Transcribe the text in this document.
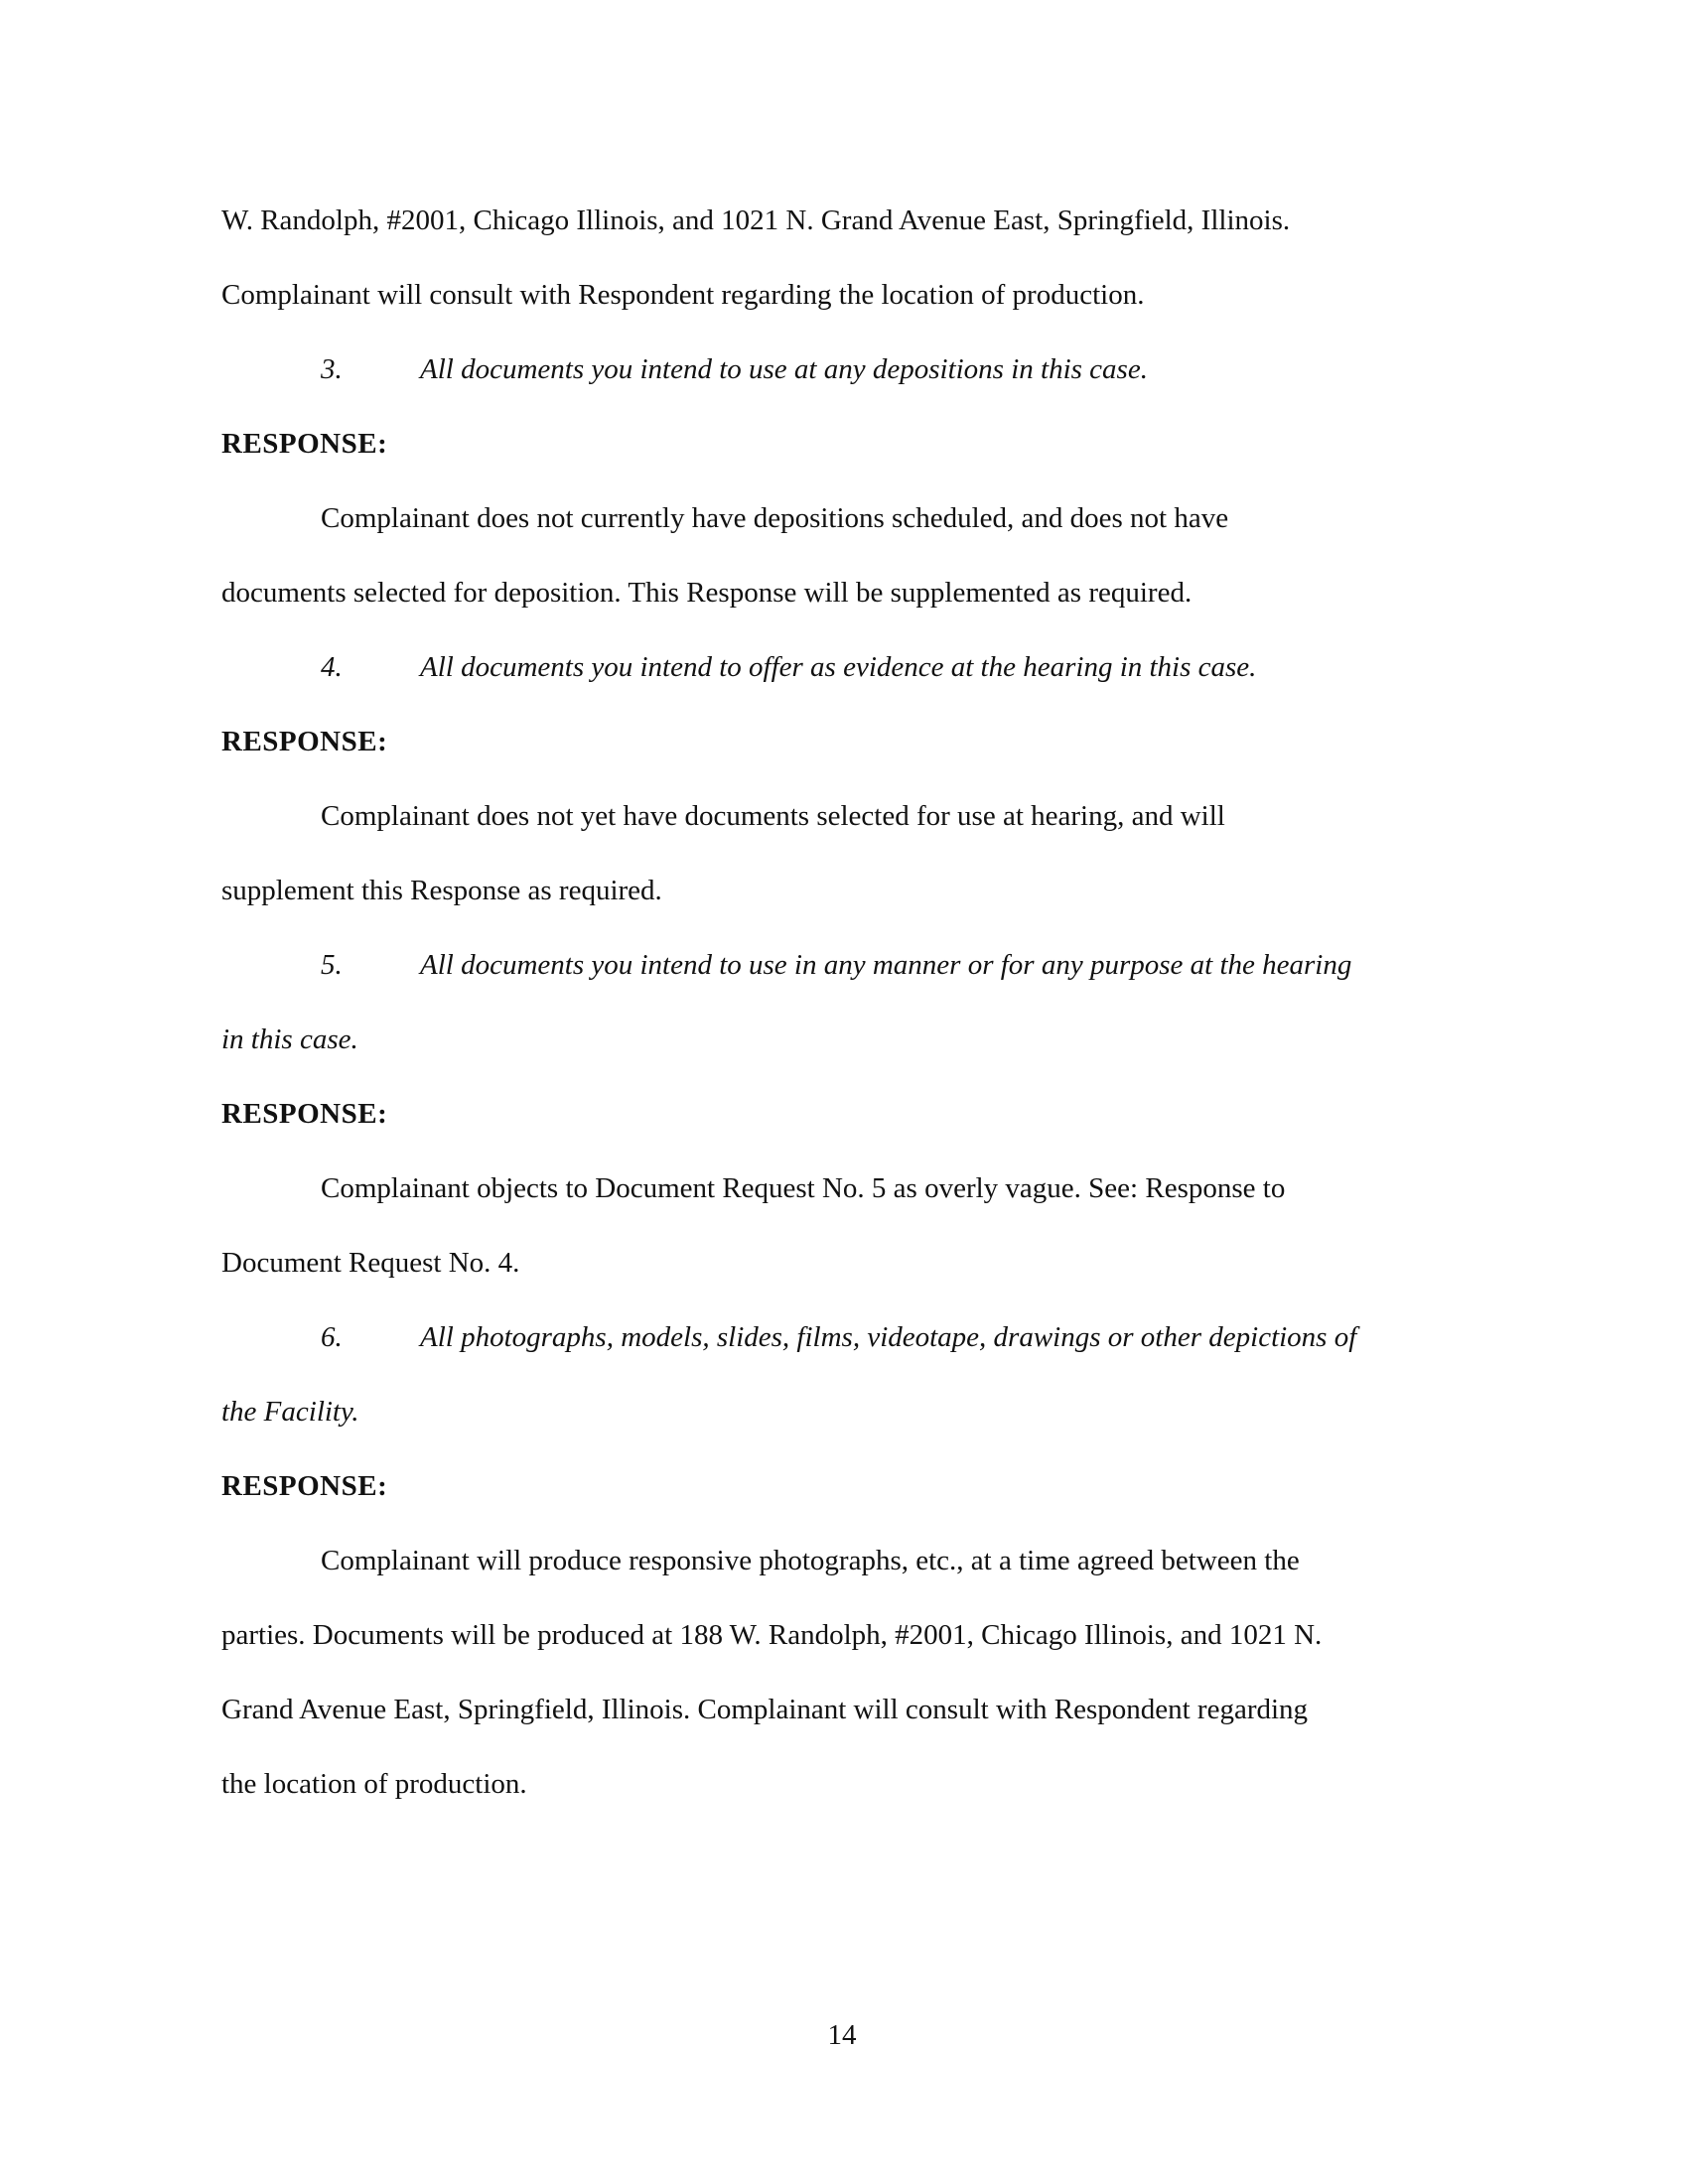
W. Randolph, #2001, Chicago Illinois, and 1021 N. Grand Avenue East, Springfield, Illinois.
Complainant will consult with Respondent regarding the location of production.
3.	All documents you intend to use at any depositions in this case.
RESPONSE:
Complainant does not currently have depositions scheduled, and does not have
documents selected for deposition. This Response will be supplemented as required.
4.	All documents you intend to offer as evidence at the hearing in this case.
RESPONSE:
Complainant does not yet have documents selected for use at hearing, and will
supplement this Response as required.
5.	All documents you intend to use in any manner or for any purpose at the hearing
in this case.
RESPONSE:
Complainant objects to Document Request No. 5 as overly vague. See: Response to
Document Request No. 4.
6.	All photographs, models, slides, films, videotape, drawings or other depictions of
the Facility.
RESPONSE:
Complainant will produce responsive photographs, etc., at a time agreed between the
parties. Documents will be produced at 188 W. Randolph, #2001, Chicago Illinois, and 1021 N.
Grand Avenue East, Springfield, Illinois. Complainant will consult with Respondent regarding
the location of production.
14
